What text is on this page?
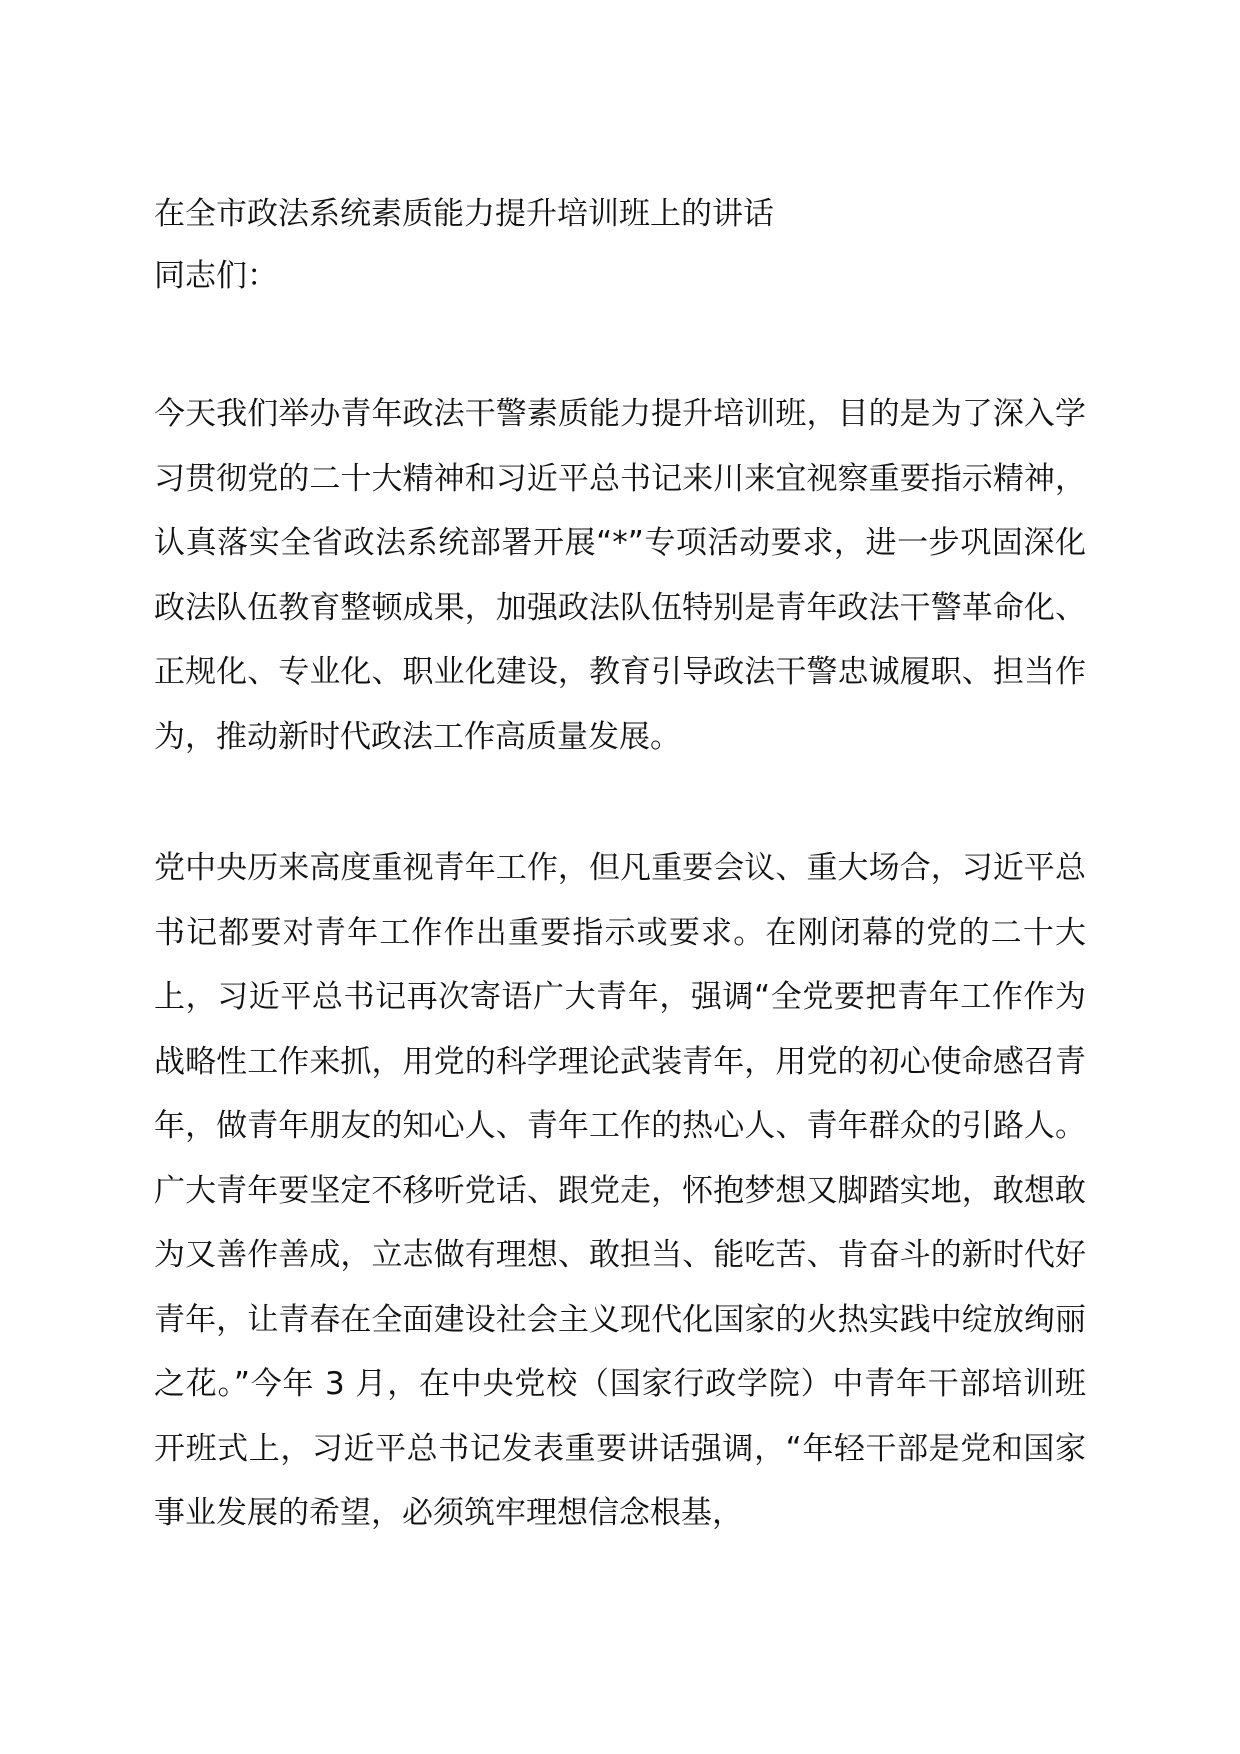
在全市政法系统素质能力提升培训班上的讲话

同志们：

今天我们举办青年政法干警素质能力提升培训班，目的是为了深入学习贯彻党的二十大精神和习近平总书记来川来宜视察重要指示精神，认真落实全省政法系统部署开展“*”专项活动要求，进一步巩固深化政法队伍教育整顿成果，加强政法队伍特别是青年政法干警革命化、正规化、专业化、职业化建设，教育引导政法干警忠诚履职、担当作为，推动新时代政法工作高质量发展。

党中央历来高度重视青年工作，但凡重要会议、重大场合，习近平总书记都要对青年工作作出重要指示或要求。在刚闭幕的党的二十大上，习近平总书记再次寄语广大青年，强调“全党要把青年工作作为战略性工作来抓，用党的科学理论武装青年，用党的初心使命感召青年，做青年朋友的知心人、青年工作的热心人、青年群众的引路人。广大青年要坚定不移听党话、跟党走，怀抱梦想又脚踏实地，敢想敢为又善作善成，立志做有理想、敢担当、能吃苦、肯奋斗的新时代好青年，让青春在全面建设社会主义现代化国家的火热实践中绽放绚丽之花。”今年 3 月，在中央党校（国家行政学院）中青年干部培训班开班式上，习近平总书记发表重要讲话强调，“年轻干部是党和国家事业发展的希望，必须筑牢理想信念根基，
